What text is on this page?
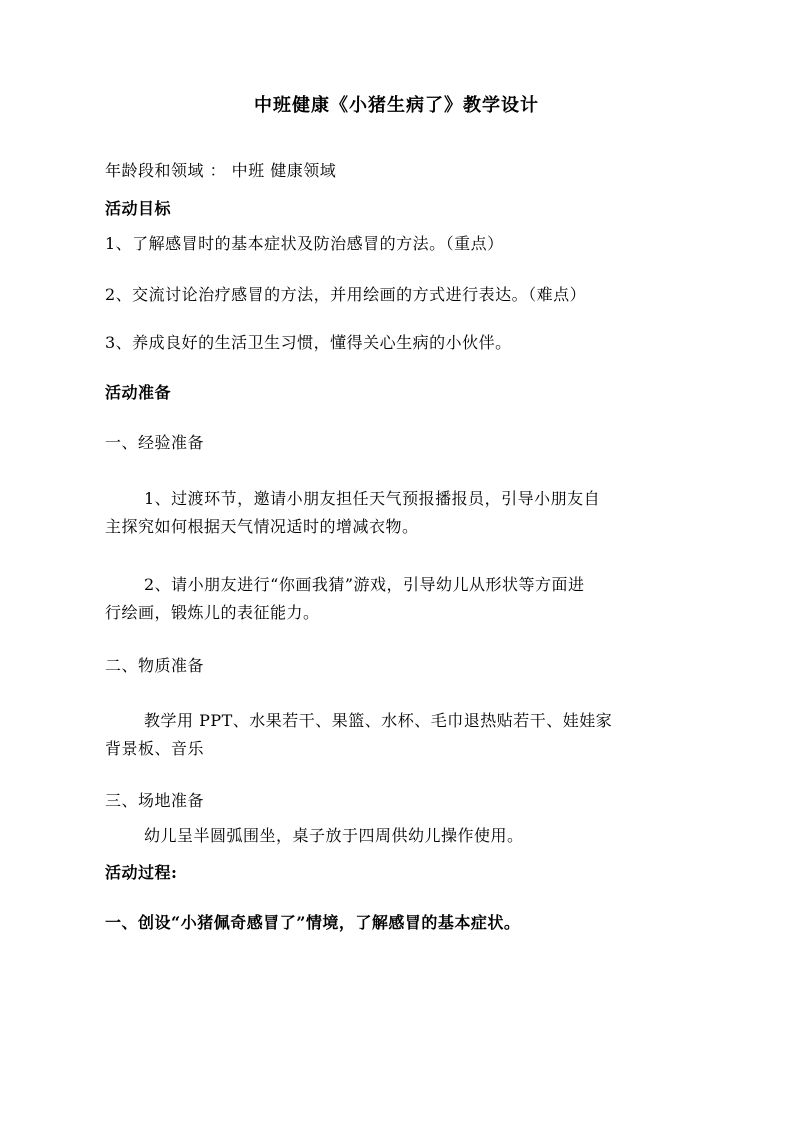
中班健康《小猪生病了》教学设计
年龄段和领域 ： 中班 健康领域
活动目标
1、了解感冒时的基本症状及防治感冒的方法。（重点）
2、交流讨论治疗感冒的方法，并用绘画的方式进行表达。（难点）
3、养成良好的生活卫生习惯，懂得关心生病的小伙伴。
活动准备
一、经验准备
1、过渡环节，邀请小朋友担任天气预报播报员，引导小朋友自
主探究如何根据天气情况适时的增减衣物。
2、请小朋友进行“你画我猜”游戏，引导幼儿从形状等方面进
行绘画，锻炼儿的表征能力。
二、物质准备
教学用 PPT、水果若干、果篮、水杯、毛巾退热贴若干、娃娃家
背景板、音乐
三、场地准备
幼儿呈半圆弧围坐，桌子放于四周供幼儿操作使用。
活动过程:
一、创设“小猪佩奇感冒了”情境，了解感冒的基本症状。
